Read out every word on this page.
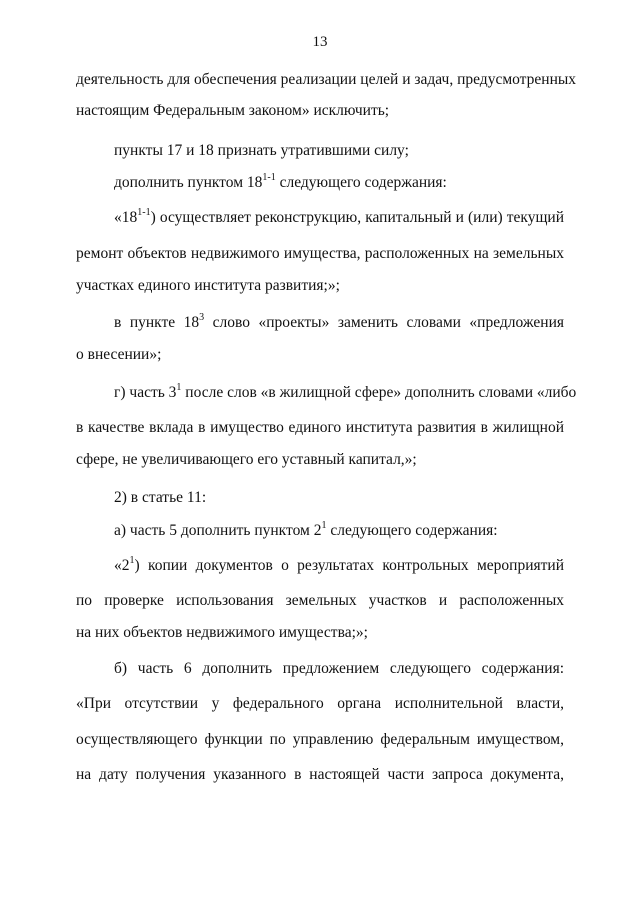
13
деятельность для обеспечения реализации целей и задач, предусмотренных
настоящим Федеральным законом» исключить;
пункты 17 и 18 признать утратившими силу;
дополнить пунктом 18$^{1-1}$ следующего содержания:
«18$^{1-1}$) осуществляет реконструкцию, капитальный и (или) текущий
ремонт объектов недвижимого имущества, расположенных на земельных
участках единого института развития;»;
в пункте $18^3$ слово «проекты» заменить словами «предложения
о внесении»;
г) часть $3^1$ после слов «в жилищной сфере» дополнить словами «либо
в качестве вклада в имущество единого института развития в жилищной
сфере, не увеличивающего его уставный капитал,»;
2) в статье 11:
а) часть 5 дополнить пунктом $2^1$ следующего содержания:
«$2^1$) копии документов о результатах контрольных мероприятий
по проверке использования земельных участков и расположенных
на них объектов недвижимого имущества;»;
б) часть 6 дополнить предложением следующего содержания:
«При отсутствии у федерального органа исполнительной власти,
осуществляющего функции по управлению федеральным имуществом,
на дату получения указанного в настоящей части запроса документа,
